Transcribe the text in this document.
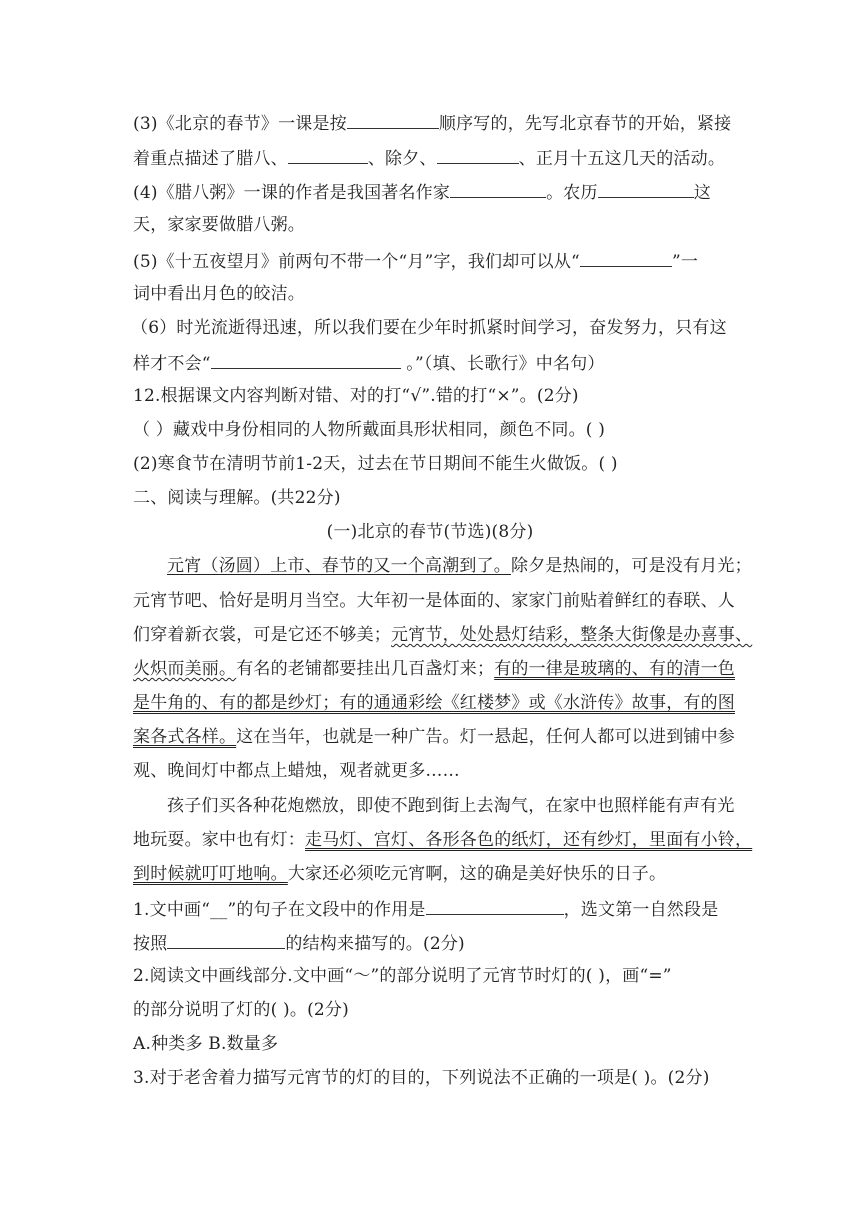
(3)《北京的春节》一课是按	顺序写的，先写北京春节的开始，紧接
着重点描述了腊八、	、除夕、	、正月十五这几天的活动。
(4)《腊八粥》一课的作者是我国著名作家	。农历	这
天，家家要做腊八粥。
(5)《十五夜望月》前两句不带一个“月”字，我们却可以从“	”一
词中看出月色的皎洁。
（6）时光流逝得迅速，所以我们要在少年时抓紧时间学习，奋发努力，只有这
样才不会“	。”（填、长歌行》中名句）
12.根据课文内容判断对错、对的打“√”.错的打“×”。(2分)
（ ）藏戏中身份相同的人物所戴面具形状相同，颜色不同。( )
(2)寒食节在清明节前1-2天，过去在节日期间不能生火做饭。( )
二、阅读与理解。(共22分)
(一)北京的春节(节选)(8分)
元宵（汤圆）上市、春节的又一个高潮到了。除夕是热闹的，可是没有月光；
元宵节吧、恰好是明月当空。大年初一是体面的、家家门前贴着鲜红的春联、人
们穿着新衣裳，可是它还不够美；元宵节，处处悬灯结彩，整条大街像是办喜事、
火炽而美丽。有名的老铺都要挂出几百盏灯来；有的一律是玻璃的、有的清一色
是牛角的、有的都是纱灯；有的通通彩绘《红楼梦》或《水浒传》故事，有的图
案各式各样。这在当年，也就是一种广告。灯一悬起，任何人都可以进到铺中参
观、晚间灯中都点上蜡烛，观者就更多……
孩子们买各种花炮燃放，即使不跑到街上去淘气，在家中也照样能有声有光
地玩耍。家中也有灯：走马灯、宫灯、各形各色的纸灯，还有纱灯，里面有小铃，
到时候就叮叮地响。大家还必须吃元宵啊，这的确是美好快乐的日子。
1.文中画“__”的句子在文段中的作用是	，选文第一自然段是
按照	的结构来描写的。(2分)
2.阅读文中画线部分.文中画“～”的部分说明了元宵节时灯的( )，画“=”
的部分说明了灯的( )。(2分)
A.种类多 B.数量多
3.对于老舍着力描写元宵节的灯的目的，下列说法不正确的一项是( )。(2分)
